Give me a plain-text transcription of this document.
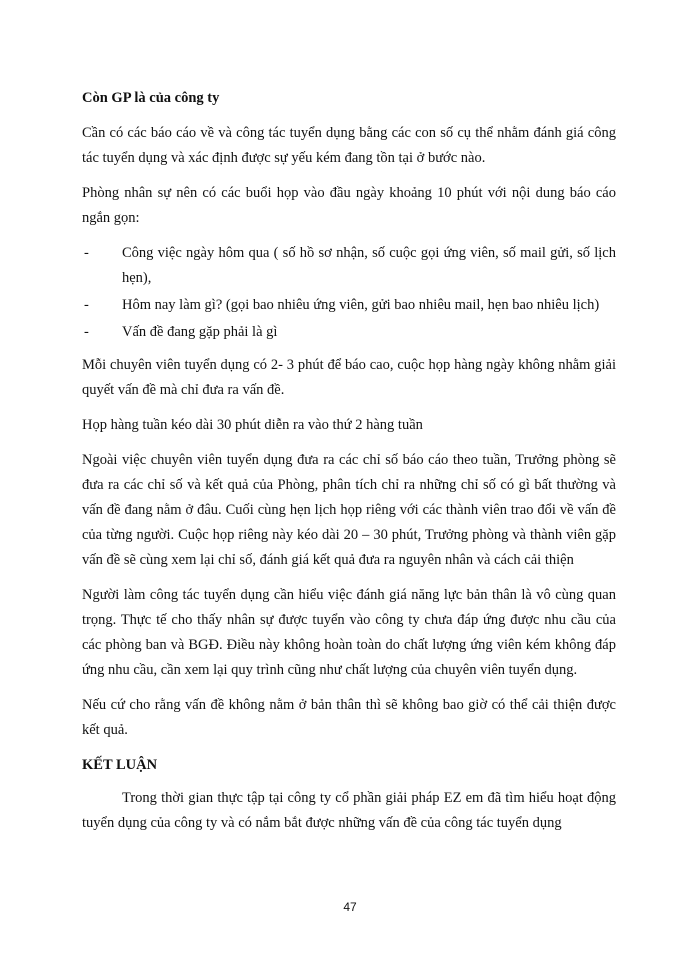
Còn GP là của công ty

Cần có các báo cáo về và công tác tuyển dụng bằng các con số cụ thể nhằm đánh giá công tác tuyển dụng và xác định được sự yếu kém đang tồn tại ở bước nào.

Phòng nhân sự nên có các buổi họp vào đầu ngày khoảng 10 phút với nội dung báo cáo ngắn gọn:

- Công việc ngày hôm qua ( số hồ sơ nhận, số cuộc gọi ứng viên, số mail gửi, số lịch hẹn),
- Hôm nay làm gì? (gọi bao nhiêu ứng viên, gửi bao nhiêu mail, hẹn bao nhiêu lịch)
- Vấn đề đang gặp phải là gì

Mỗi chuyên viên tuyển dụng có 2- 3 phút để báo cao, cuộc họp hàng ngày không nhằm giải quyết vấn đề mà chỉ đưa ra vấn đề.

Họp hàng tuần kéo dài 30 phút diễn ra vào thứ 2 hàng tuần

Ngoài việc chuyên viên tuyển dụng đưa ra các chỉ số báo cáo theo tuần, Trưởng phòng sẽ đưa ra các chỉ số và kết quả của Phòng, phân tích chỉ ra những chỉ số có gì bất thường và vấn đề đang nằm ở đâu. Cuối cùng hẹn lịch họp riêng với các thành viên trao đổi về vấn đề của từng người. Cuộc họp riêng này kéo dài 20 – 30 phút, Trưởng phòng và thành viên gặp vấn đề sẽ cùng xem lại chỉ số, đánh giá kết quả đưa ra nguyên nhân và cách cải thiện

Người làm công tác tuyển dụng cần hiểu việc đánh giá năng lực bản thân là vô cùng quan trọng. Thực tế cho thấy nhân sự được tuyển vào công ty chưa đáp ứng được nhu cầu của các phòng ban và BGĐ. Điều này không hoàn toàn do chất lượng ứng viên kém không đáp ứng nhu cầu, cần xem lại quy trình cũng như chất lượng của chuyên viên tuyển dụng.

Nếu cứ cho rằng vấn đề không nằm ở bản thân thì sẽ không bao giờ có thể cải thiện được kết quả.

KẾT LUẬN

Trong thời gian thực tập tại công ty cổ phần giải pháp EZ em đã tìm hiểu hoạt động tuyển dụng của công ty và có nắm bắt được những vấn đề của công tác tuyển dụng

47
